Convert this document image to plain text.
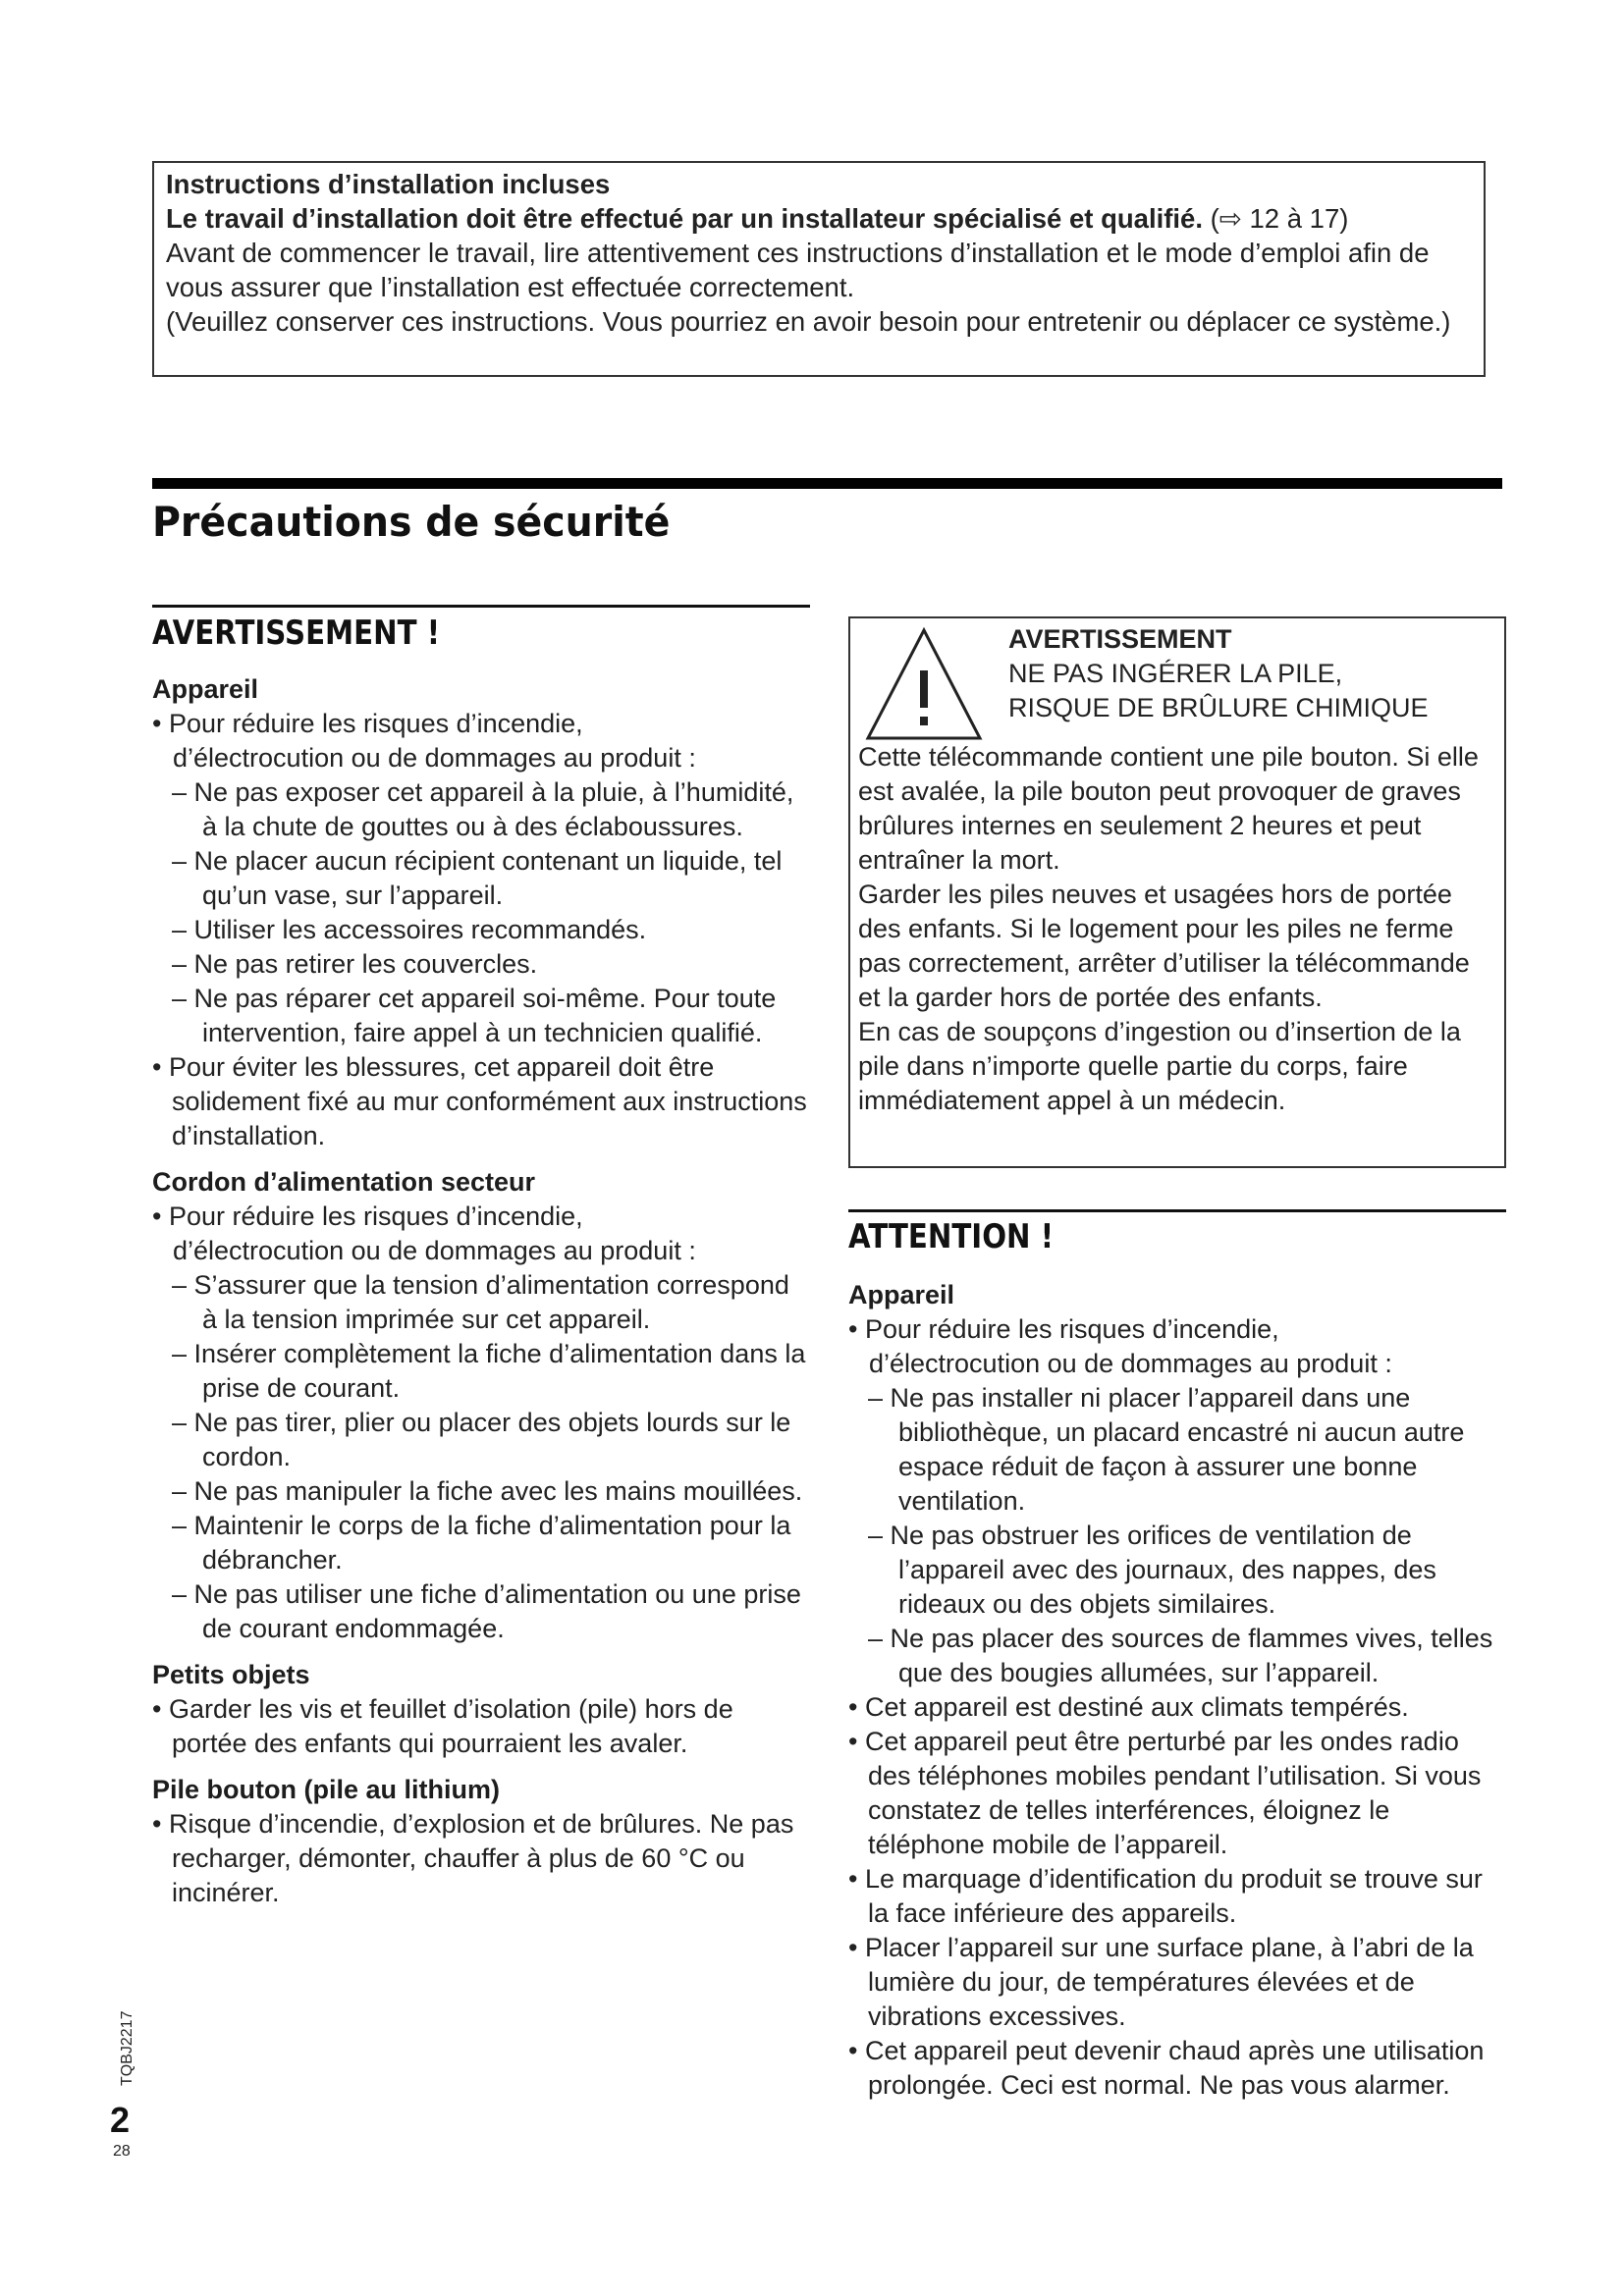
Instructions d’installation incluses
Le travail d’installation doit être effectué par un installateur spécialisé et qualifié. (⇨ 12 à 17)
Avant de commencer le travail, lire attentivement ces instructions d’installation et le mode d’emploi afin de vous assurer que l’installation est effectuée correctement.
(Veuillez conserver ces instructions. Vous pourriez en avoir besoin pour entretenir ou déplacer ce système.)
Précautions de sécurité
AVERTISSEMENT !

Appareil

• Pour réduire les risques d’incendie,

d’électrocution ou de dommages au produit :

– Ne pas exposer cet appareil à la pluie, à l’humidité, à la chute de gouttes ou à des éclaboussures.

– Ne placer aucun récipient contenant un liquide, tel qu’un vase, sur l’appareil.

– Utiliser les accessoires recommandés.

– Ne pas retirer les couvercles.

– Ne pas réparer cet appareil soi-même. Pour toute intervention, faire appel à un technicien qualifié.

• Pour éviter les blessures, cet appareil doit être solidement fixé au mur conformément aux instructions d’installation.

Cordon d’alimentation secteur

• Pour réduire les risques d’incendie,

d’électrocution ou de dommages au produit :

– S’assurer que la tension d’alimentation correspond à la tension imprimée sur cet appareil.

– Insérer complètement la fiche d’alimentation dans la prise de courant.

– Ne pas tirer, plier ou placer des objets lourds sur le cordon.

– Ne pas manipuler la fiche avec les mains mouillées.

– Maintenir le corps de la fiche d’alimentation pour la débrancher.

– Ne pas utiliser une fiche d’alimentation ou une prise de courant endommagée.

Petits objets

• Garder les vis et feuillet d’isolation (pile) hors de portée des enfants qui pourraient les avaler.

Pile bouton (pile au lithium)

• Risque d’incendie, d’explosion et de brûlures. Ne pas recharger, démonter, chauffer à plus de 60 °C ou incinérer.

AVERTISSEMENT
NE PAS INGÉRER LA PILE,
RISQUE DE BRÛLURE CHIMIQUE

Cette télécommande contient une pile bouton. Si elle est avalée, la pile bouton peut provoquer de graves brûlures internes en seulement 2 heures et peut entraîner la mort.

Garder les piles neuves et usagées hors de portée des enfants. Si le logement pour les piles ne ferme pas correctement, arrêter d’utiliser la télécommande et la garder hors de portée des enfants.

En cas de soupçons d’ingestion ou d’insertion de la pile dans n’importe quelle partie du corps, faire immédiatement appel à un médecin.

ATTENTION !

Appareil

• Pour réduire les risques d’incendie,

d’électrocution ou de dommages au produit :

– Ne pas installer ni placer l’appareil dans une bibliothèque, un placard encastré ni aucun autre espace réduit de façon à assurer une bonne ventilation.

– Ne pas obstruer les orifices de ventilation de l’appareil avec des journaux, des nappes, des rideaux ou des objets similaires.

– Ne pas placer des sources de flammes vives, telles que des bougies allumées, sur l’appareil.

• Cet appareil est destiné aux climats tempérés.

• Cet appareil peut être perturbé par les ondes radio des téléphones mobiles pendant l’utilisation. Si vous constatez de telles interférences, éloignez le téléphone mobile de l’appareil.

• Le marquage d’identification du produit se trouve sur la face inférieure des appareils.

• Placer l’appareil sur une surface plane, à l’abri de la lumière du jour, de températures élevées et de vibrations excessives.

• Cet appareil peut devenir chaud après une utilisation prolongée. Ceci est normal. Ne pas vous alarmer.

TQBJ2217
2
28
